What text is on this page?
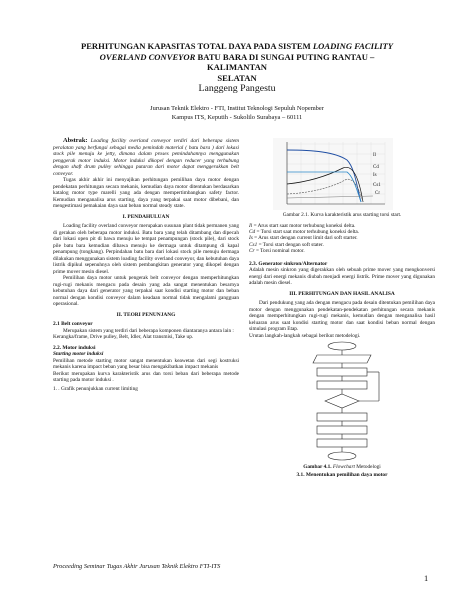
PERHITUNGAN KAPASITAS TOTAL DAYA PADA SISTEM LOADING FACILITY
OVERLAND CONVEYOR BATU BARA DI SUNGAI PUTING RANTAU – KALIMANTAN
SELATAN
Langgeng Pangestu
Jurusan Teknik Elektro - FTI, Institut Teknologi Sepuluh Nopember
Kampus ITS, Keputih - Sukolilo Surabaya – 60111
Abstrak: Loading facility overland conveyor terdiri dari beberapa sistem peralatan yang berfungsi sebagai media pemindah material ( batu bara ) dari lokasi stock pile menuju ke jetty, dimana dalam proses pemindahannya menggunakan penggerak motor induksi. Motor induksi dikopel dengan reducer yang terhubung dengan shaft drum pulley sehingga putaran dari motor dapat menggerakkan belt conveyor.
Tugas akhir akhir ini menyajikan perhitungan pemilihan daya motor dengan pendekatan perhitungan secara mekanis, kemudian daya motor ditentukan berdasarkan katalog motor type marelli yang ada dengan mempertimbangkan safety factor. Kemudian menganalisa arus starting, daya yang terpakai saat motor dibebani, dan mengestimasi pemakaian daya saat beban normal steady state.
I. PENDAHULUAN
Loading facility overland conveyor merupakan susunan plant tidak permanen yang di gerakan oleh beberapa motor induksi. Batu bara yang telah ditambang dan dipecah dari lokasi open pit di bawa menuju ke tempat penampungan (stock pile), dari stock pile batu bara kemudian dibawa menuju ke dermaga untuk ditampung di kapal penampung (tongkang). Perpindahan batu bara dari lokasi stock pile menuju dermaga dilakukan menggunakan sistem loading facility overland conveyor, dan kebutuhan daya listrik dipikul sepenuhnya oleh sistem pembangkitan generator yang dikopel dengan prime mover mesin diesel.
Pemilihan daya motor untuk pengerak belt conveyor dengan memperhitungkan rugi-rugi mekanis mengacu pada desain yang ada sangat menentukan besarnya kebutuhan daya dari generator yang terpakai saat kondisi starting motor dan beban normal dengan kondisi conveyor dalam keadaan normal tidak mengalami gangguan operasional.
II. TEORI PENUNJANG
2.1 Belt conveyor
Merupakan sistem yang terdiri dari beberapa komponen diantaranya antara lain :
Kerangka/frame, Drive pulley, Belt, Idler, Alat transmisi, Take up.
2.2. Motor induksi
Starting motor induksi
Pemilihan metode starting motor sangat menentukan keawetan dari segi kostruksi mekanis karena impact beban yang besar bisa mengakibatkan impact mekanis
Berikut merupakan kurva karakteristik arus dan torsi beban dari beberapa metode starting pada motor induksi .
1. . Grafik penunjukkan current limiting
Il
Cd
Is
Cs1
Cr
Gambar 2.1. Kurva karakteristik arus starting torsi start.
Il = Arus start saat motor terhubung koneksi delta.
Cd = Torsi start saat motor terhubung koneksi delta.
Is = Arus start dengan current limit dari soft starter.
Cs1 = Torsi start dengan soft stater.
Cr = Torsi nominal motor.
2.3. Generator sinkron/Alternator
Adalah mesin sinkron yang digerakkan oleh sebuah prime mover yang mengkonversi energi dari energi mekanis diubah menjadi energi listrik. Prime mover yang digunakan adalah mesin diesel.
III. PERHITUNGAN DAN HASIL ANALISA
Dari pendukung yang ada dengan mengacu pada desain ditentukan pemilihan daya motor dengan menggunakan pendekatan-pendekatan perhitungan secara mekanis dengan memperhitungkan rugi-rugi mekanis, kemudian dengan menganalisa hasil keluaran arus saat kondisi starting motor dan saat kondisi beban normal dengan simulasi program Etap.
Urutan langkah-langkah sebagai berikut metodelogi.
Gambar 4.1. Flowchart Metodelogi
3.1. Menentukan pemilihan daya motor
Proceeding Seminar Tugas Akhir Jurusan Teknik Elektro FTI-ITS
1
